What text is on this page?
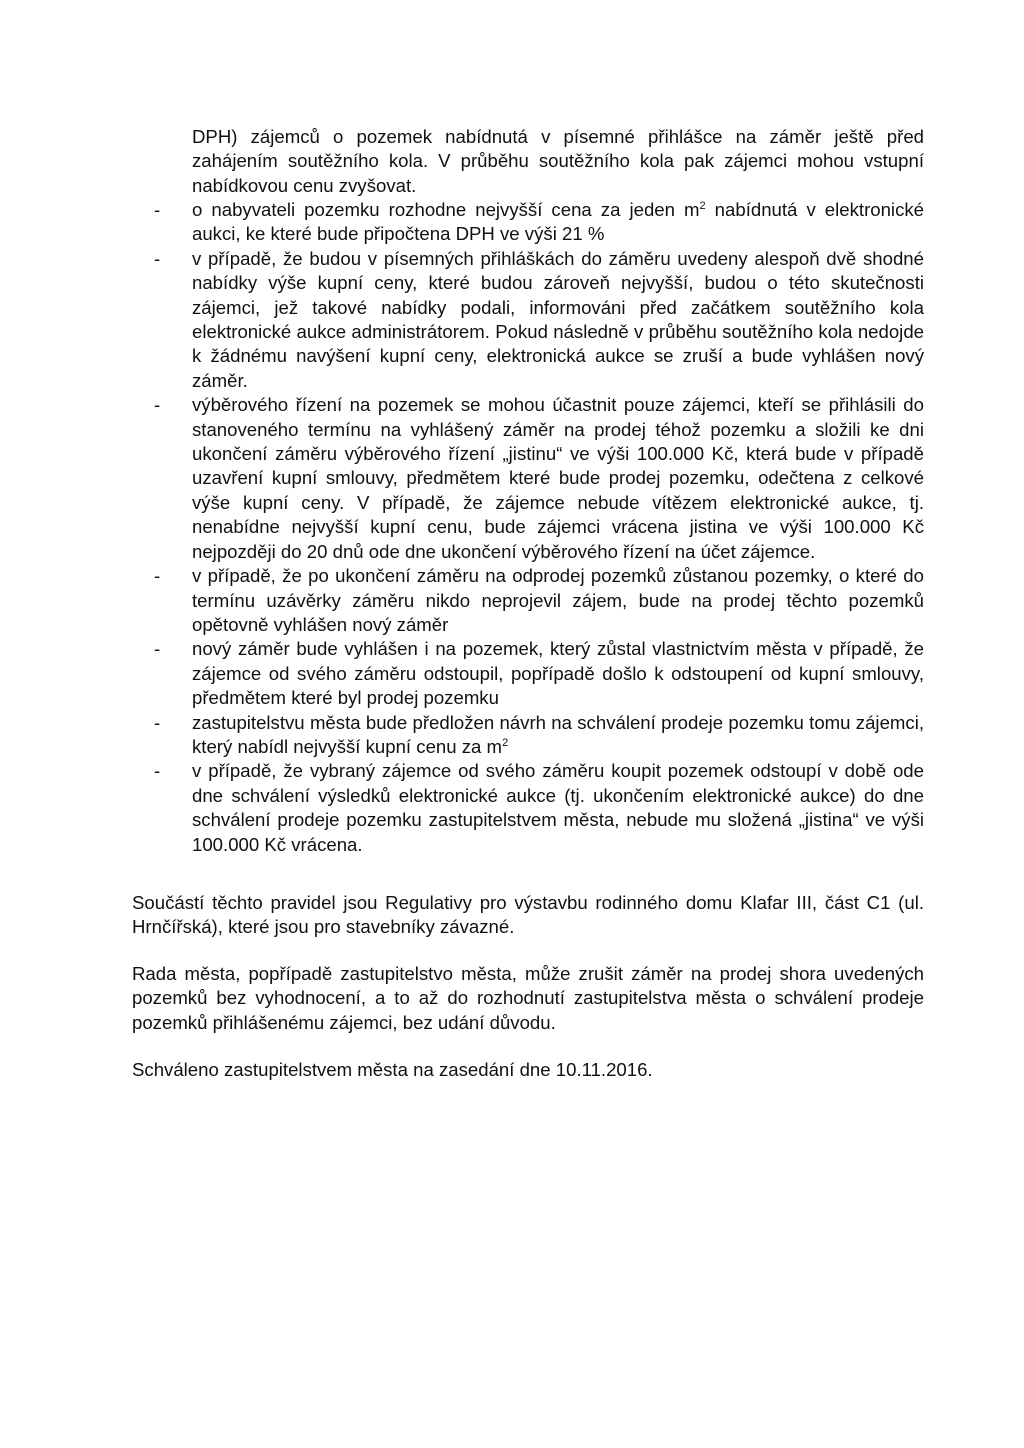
DPH) zájemců o pozemek nabídnutá v písemné přihlášce na záměr ještě před zahájením soutěžního kola. V průběhu soutěžního kola pak zájemci mohou vstupní nabídkovou cenu zvyšovat.

- o nabyvateli pozemku rozhodne nejvyšší cena za jeden $m^2$ nabídnutá v elektronické aukci, ke které bude připočtena DPH ve výši 21 %
- v případě, že budou v písemných přihláškách do záměru uvedeny alespoň dvě shodné nabídky výše kupní ceny, které budou zároveň nejvyšší, budou o této skutečnosti zájemci, jež takové nabídky podali, informováni před začátkem soutěžního kola elektronické aukce administrátorem. Pokud následně v průběhu soutěžního kola nedojde k žádnému navýšení kupní ceny, elektronická aukce se zruší a bude vyhlášen nový záměr.
- výběrového řízení na pozemek se mohou účastnit pouze zájemci, kteří se přihlásili do stanoveného termínu na vyhlášený záměr na prodej téhož pozemku a složili ke dni ukončení záměru výběrového řízení „jistinu“ ve výši 100.000 Kč, která bude v případě uzavření kupní smlouvy, předmětem které bude prodej pozemku, odečtena z celkové výše kupní ceny. V případě, že zájemce nebude vítězem elektronické aukce, tj. nenabídne nejvyšší kupní cenu, bude zájemci vrácena jistina ve výši 100.000 Kč nejpozději do 20 dnů ode dne ukončení výběrového řízení na účet zájemce.
- v případě, že po ukončení záměru na odprodej pozemků zůstanou pozemky, o které do termínu uzávěrky záměru nikdo neprojevil zájem, bude na prodej těchto pozemků opětovně vyhlášen nový záměr
- nový záměr bude vyhlášen i na pozemek, který zůstal vlastnictvím města v případě, že zájemce od svého záměru odstoupil, popřípadě došlo k odstoupení od kupní smlouvy, předmětem které byl prodej pozemku
- zastupitelstvu města bude předložen návrh na schválení prodeje pozemku tomu zájemci, který nabídl nejvyšší kupní cenu za $m^2$
- v případě, že vybraný zájemce od svého záměru koupit pozemek odstoupí v době ode dne schválení výsledků elektronické aukce (tj. ukončením elektronické aukce) do dne schválení prodeje pozemku zastupitelstvem města, nebude mu složená „jistina“ ve výši 100.000 Kč vrácena.

Součástí těchto pravidel jsou Regulativy pro výstavbu rodinného domu Klafar III, část C1 (ul. Hrnčířská), které jsou pro stavebníky závazné.

Rada města, popřípadě zastupitelstvo města, může zrušit záměr na prodej shora uvedených pozemků bez vyhodnocení, a to až do rozhodnutí zastupitelstva města o schválení prodeje pozemků přihlášenému zájemci, bez udání důvodu.

Schváleno zastupitelstvem města na zasedání dne 10.11.2016.
